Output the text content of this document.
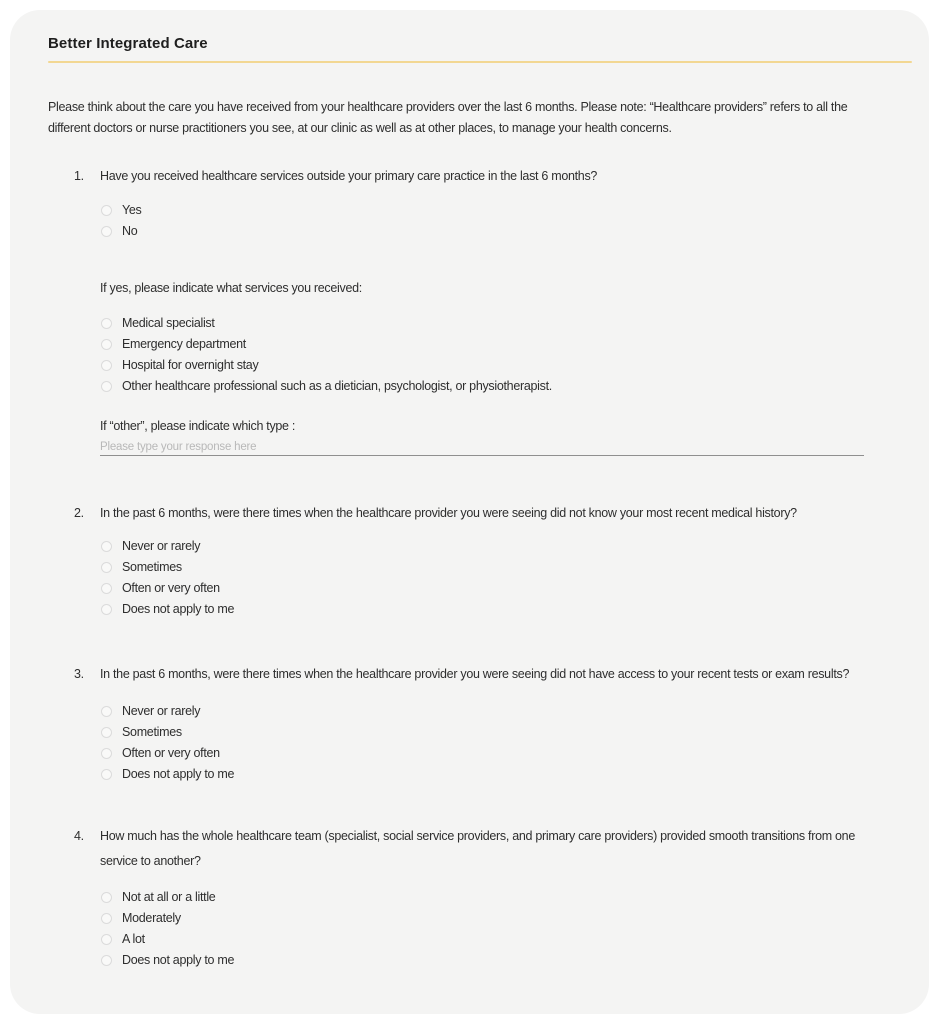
Better Integrated Care
Please think about the care you have received from your healthcare providers over the last 6 months. Please note: “Healthcare providers” refers to all the different doctors or nurse practitioners you see, at our clinic as well as at other places, to manage your health concerns.
1.	Have you received healthcare services outside your primary care practice in the last 6 months?
Yes
No
If yes, please indicate what services you received:
Medical specialist
Emergency department
Hospital for overnight stay
Other healthcare professional such as a dietician, psychologist, or physiotherapist.
If “other”, please indicate which type :
Please type your response here
2.	In the past 6 months, were there times when the healthcare provider you were seeing did not know your most recent medical history?
Never or rarely
Sometimes
Often or very often
Does not apply to me
3.	In the past 6 months, were there times when the healthcare provider you were seeing did not have access to your recent tests or exam results?
Never or rarely
Sometimes
Often or very often
Does not apply to me
4.	How much has the whole healthcare team (specialist, social service providers, and primary care providers) provided smooth transitions from one service to another?
Not at all or a little
Moderately
A lot
Does not apply to me
